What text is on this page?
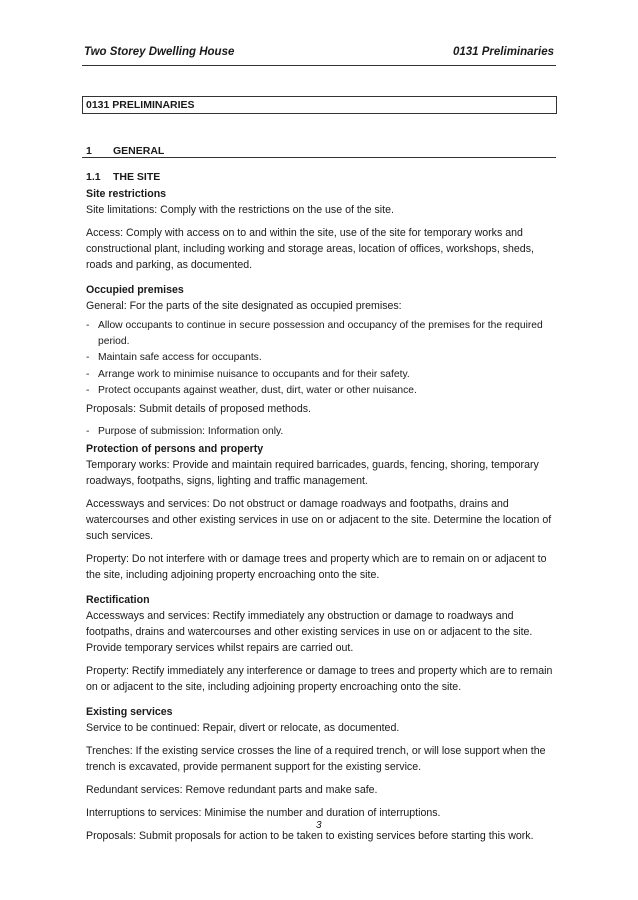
Two Storey Dwelling House	0131 Preliminaries
0131 PRELIMINARIES
1 GENERAL
1.1 THE SITE
Site restrictions

Site limitations: Comply with the restrictions on the use of the site.

Access: Comply with access on to and within the site, use of the site for temporary works and constructional plant, including working and storage areas, location of offices, workshops, sheds, roads and parking, as documented.

Occupied premises

General: For the parts of the site designated as occupied premises:

- Allow occupants to continue in secure possession and occupancy of the premises for the required period.
- Maintain safe access for occupants.
- Arrange work to minimise nuisance to occupants and for their safety.
- Protect occupants against weather, dust, dirt, water or other nuisance.

Proposals: Submit details of proposed methods.

- Purpose of submission: Information only.
Protection of persons and property

Temporary works: Provide and maintain required barricades, guards, fencing, shoring, temporary roadways, footpaths, signs, lighting and traffic management.

Accessways and services: Do not obstruct or damage roadways and footpaths, drains and watercourses and other existing services in use on or adjacent to the site. Determine the location of such services.

Property: Do not interfere with or damage trees and property which are to remain on or adjacent to the site, including adjoining property encroaching onto the site.

Rectification

Accessways and services: Rectify immediately any obstruction or damage to roadways and footpaths, drains and watercourses and other existing services in use on or adjacent to the site. Provide temporary services whilst repairs are carried out.

Property: Rectify immediately any interference or damage to trees and property which are to remain on or adjacent to the site, including adjoining property encroaching onto the site.

Existing services

Service to be continued: Repair, divert or relocate, as documented.

Trenches: If the existing service crosses the line of a required trench, or will lose support when the trench is excavated, provide permanent support for the existing service.

Redundant services: Remove redundant parts and make safe.

Interruptions to services: Minimise the number and duration of interruptions.

Proposals: Submit proposals for action to be taken to existing services before starting this work.

3
